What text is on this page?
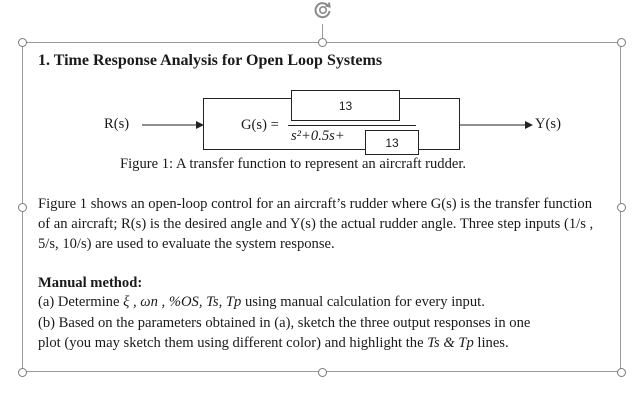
1. Time Response Analysis for Open Loop Systems
R(s)	G(s) =
13
s²+0.5s+	13
Y(s)
Figure 1: A transfer function to represent an aircraft rudder.
Figure 1 shows an open-loop control for an aircraft’s rudder where G(s) is the transfer function of an aircraft; R(s) is the desired angle and Y(s) the actual rudder angle. Three step inputs (1/s , 5/s, 10/s) are used to evaluate the system response.
Manual method:
(a) Determine ξ , ωn , %OS, Ts, Tp using manual calculation for every input.
(b) Based on the parameters obtained in (a), sketch the three output responses in one
plot (you may sketch them using different color) and highlight the Ts & Tp lines.
